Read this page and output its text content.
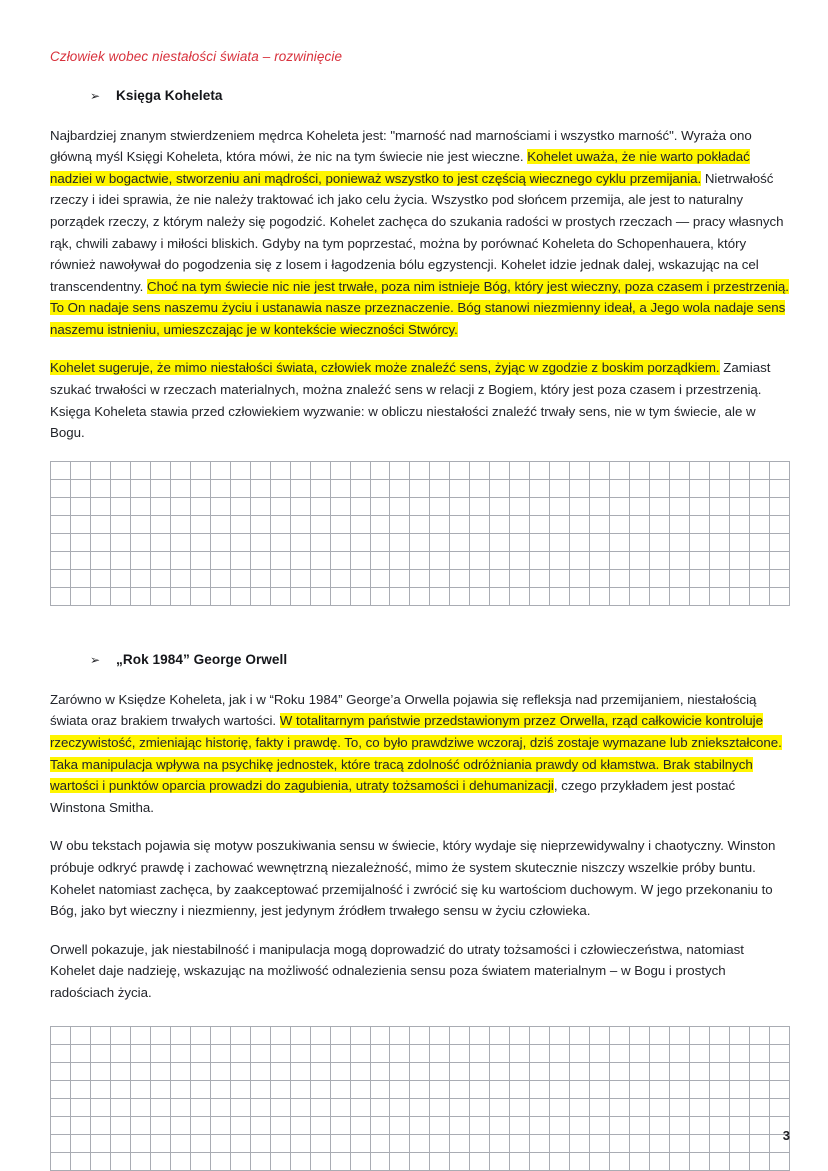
Człowiek wobec niestałości świata – rozwinięcie
➢	Księga Koheleta

Najbardziej znanym stwierdzeniem mędrca Koheleta jest: "marność nad marnościami i wszystko marność". Wyraża ono główną myśl Księgi Koheleta, która mówi, że nic na tym świecie nie jest wieczne. Kohelet uważa, że nie warto pokładać nadziei w bogactwie, stworzeniu ani mądrości, ponieważ wszystko to jest częścią wiecznego cyklu przemijania. Nietrwałość rzeczy i idei sprawia, że nie należy traktować ich jako celu życia. Wszystko pod słońcem przemija, ale jest to naturalny porządek rzeczy, z którym należy się pogodzić. Kohelet zachęca do szukania radości w prostych rzeczach — pracy własnych rąk, chwili zabawy i miłości bliskich. Gdyby na tym poprzestać, można by porównać Koheleta do Schopenhauera, który również nawoływał do pogodzenia się z losem i łagodzenia bólu egzystencji. Kohelet idzie jednak dalej, wskazując na cel transcendentny. Choć na tym świecie nic nie jest trwałe, poza nim istnieje Bóg, który jest wieczny, poza czasem i przestrzenią. To On nadaje sens naszemu życiu i ustanawia nasze przeznaczenie. Bóg stanowi niezmienny ideał, a Jego wola nadaje sens naszemu istnieniu, umieszczając je w kontekście wieczności Stwórcy.

Kohelet sugeruje, że mimo niestałości świata, człowiek może znaleźć sens, żyjąc w zgodzie z boskim porządkiem. Zamiast szukać trwałości w rzeczach materialnych, można znaleźć sens w relacji z Bogiem, który jest poza czasem i przestrzenią. Księga Koheleta stawia przed człowiekiem wyzwanie: w obliczu niestałości znaleźć trwały sens, nie w tym świecie, ale w Bogu.

➢	„Rok 1984” George Orwell

Zarówno w Księdze Koheleta, jak i w “Roku 1984” George’a Orwella pojawia się refleksja nad przemijaniem, niestałością świata oraz brakiem trwałych wartości. W totalitarnym państwie przedstawionym przez Orwella, rząd całkowicie kontroluje rzeczywistość, zmieniając historię, fakty i prawdę. To, co było prawdziwe wczoraj, dziś zostaje wymazane lub zniekształcone. Taka manipulacja wpływa na psychikę jednostek, które tracą zdolność odróżniania prawdy od kłamstwa. Brak stabilnych wartości i punktów oparcia prowadzi do zagubienia, utraty tożsamości i dehumanizacji, czego przykładem jest postać Winstona Smitha.

W obu tekstach pojawia się motyw poszukiwania sensu w świecie, który wydaje się nieprzewidywalny i chaotyczny. Winston próbuje odkryć prawdę i zachować wewnętrzną niezależność, mimo że system skutecznie niszczy wszelkie próby buntu. Kohelet natomiast zachęca, by zaakceptować przemijalność i zwrócić się ku wartościom duchowym. W jego przekonaniu to Bóg, jako byt wieczny i niezmienny, jest jedynym źródłem trwałego sensu w życiu człowieka.

Orwell pokazuje, jak niestabilność i manipulacja mogą doprowadzić do utraty tożsamości i człowieczeństwa, natomiast Kohelet daje nadzieję, wskazując na możliwość odnalezienia sensu poza światem materialnym – w Bogu i prostych radościach życia.

3
